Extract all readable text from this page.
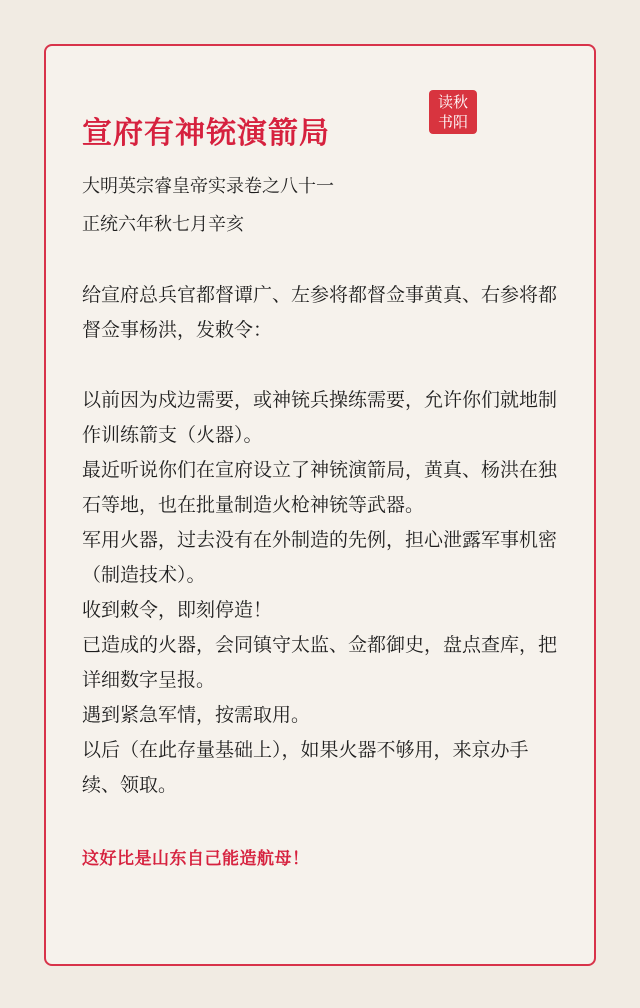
宣府有神铳演箭局
读秋
书阳
大明英宗睿皇帝实录卷之八十一
正统六年秋七月辛亥

给宣府总兵官都督谭广、左参将都督佥事黄真、右参将都督佥事杨洪，发敕令：

以前因为戍边需要，或神铳兵操练需要，允许你们就地制作训练箭支（火器）。

最近听说你们在宣府设立了神铳演箭局，黄真、杨洪在独石等地，也在批量制造火枪神铳等武器。

军用火器，过去没有在外制造的先例，担心泄露军事机密（制造技术）。

收到敕令，即刻停造！

已造成的火器，会同镇守太监、佥都御史，盘点查库，把详细数字呈报。

遇到紧急军情，按需取用。

以后（在此存量基础上），如果火器不够用，来京办手续、领取。

这好比是山东自己能造航母！
